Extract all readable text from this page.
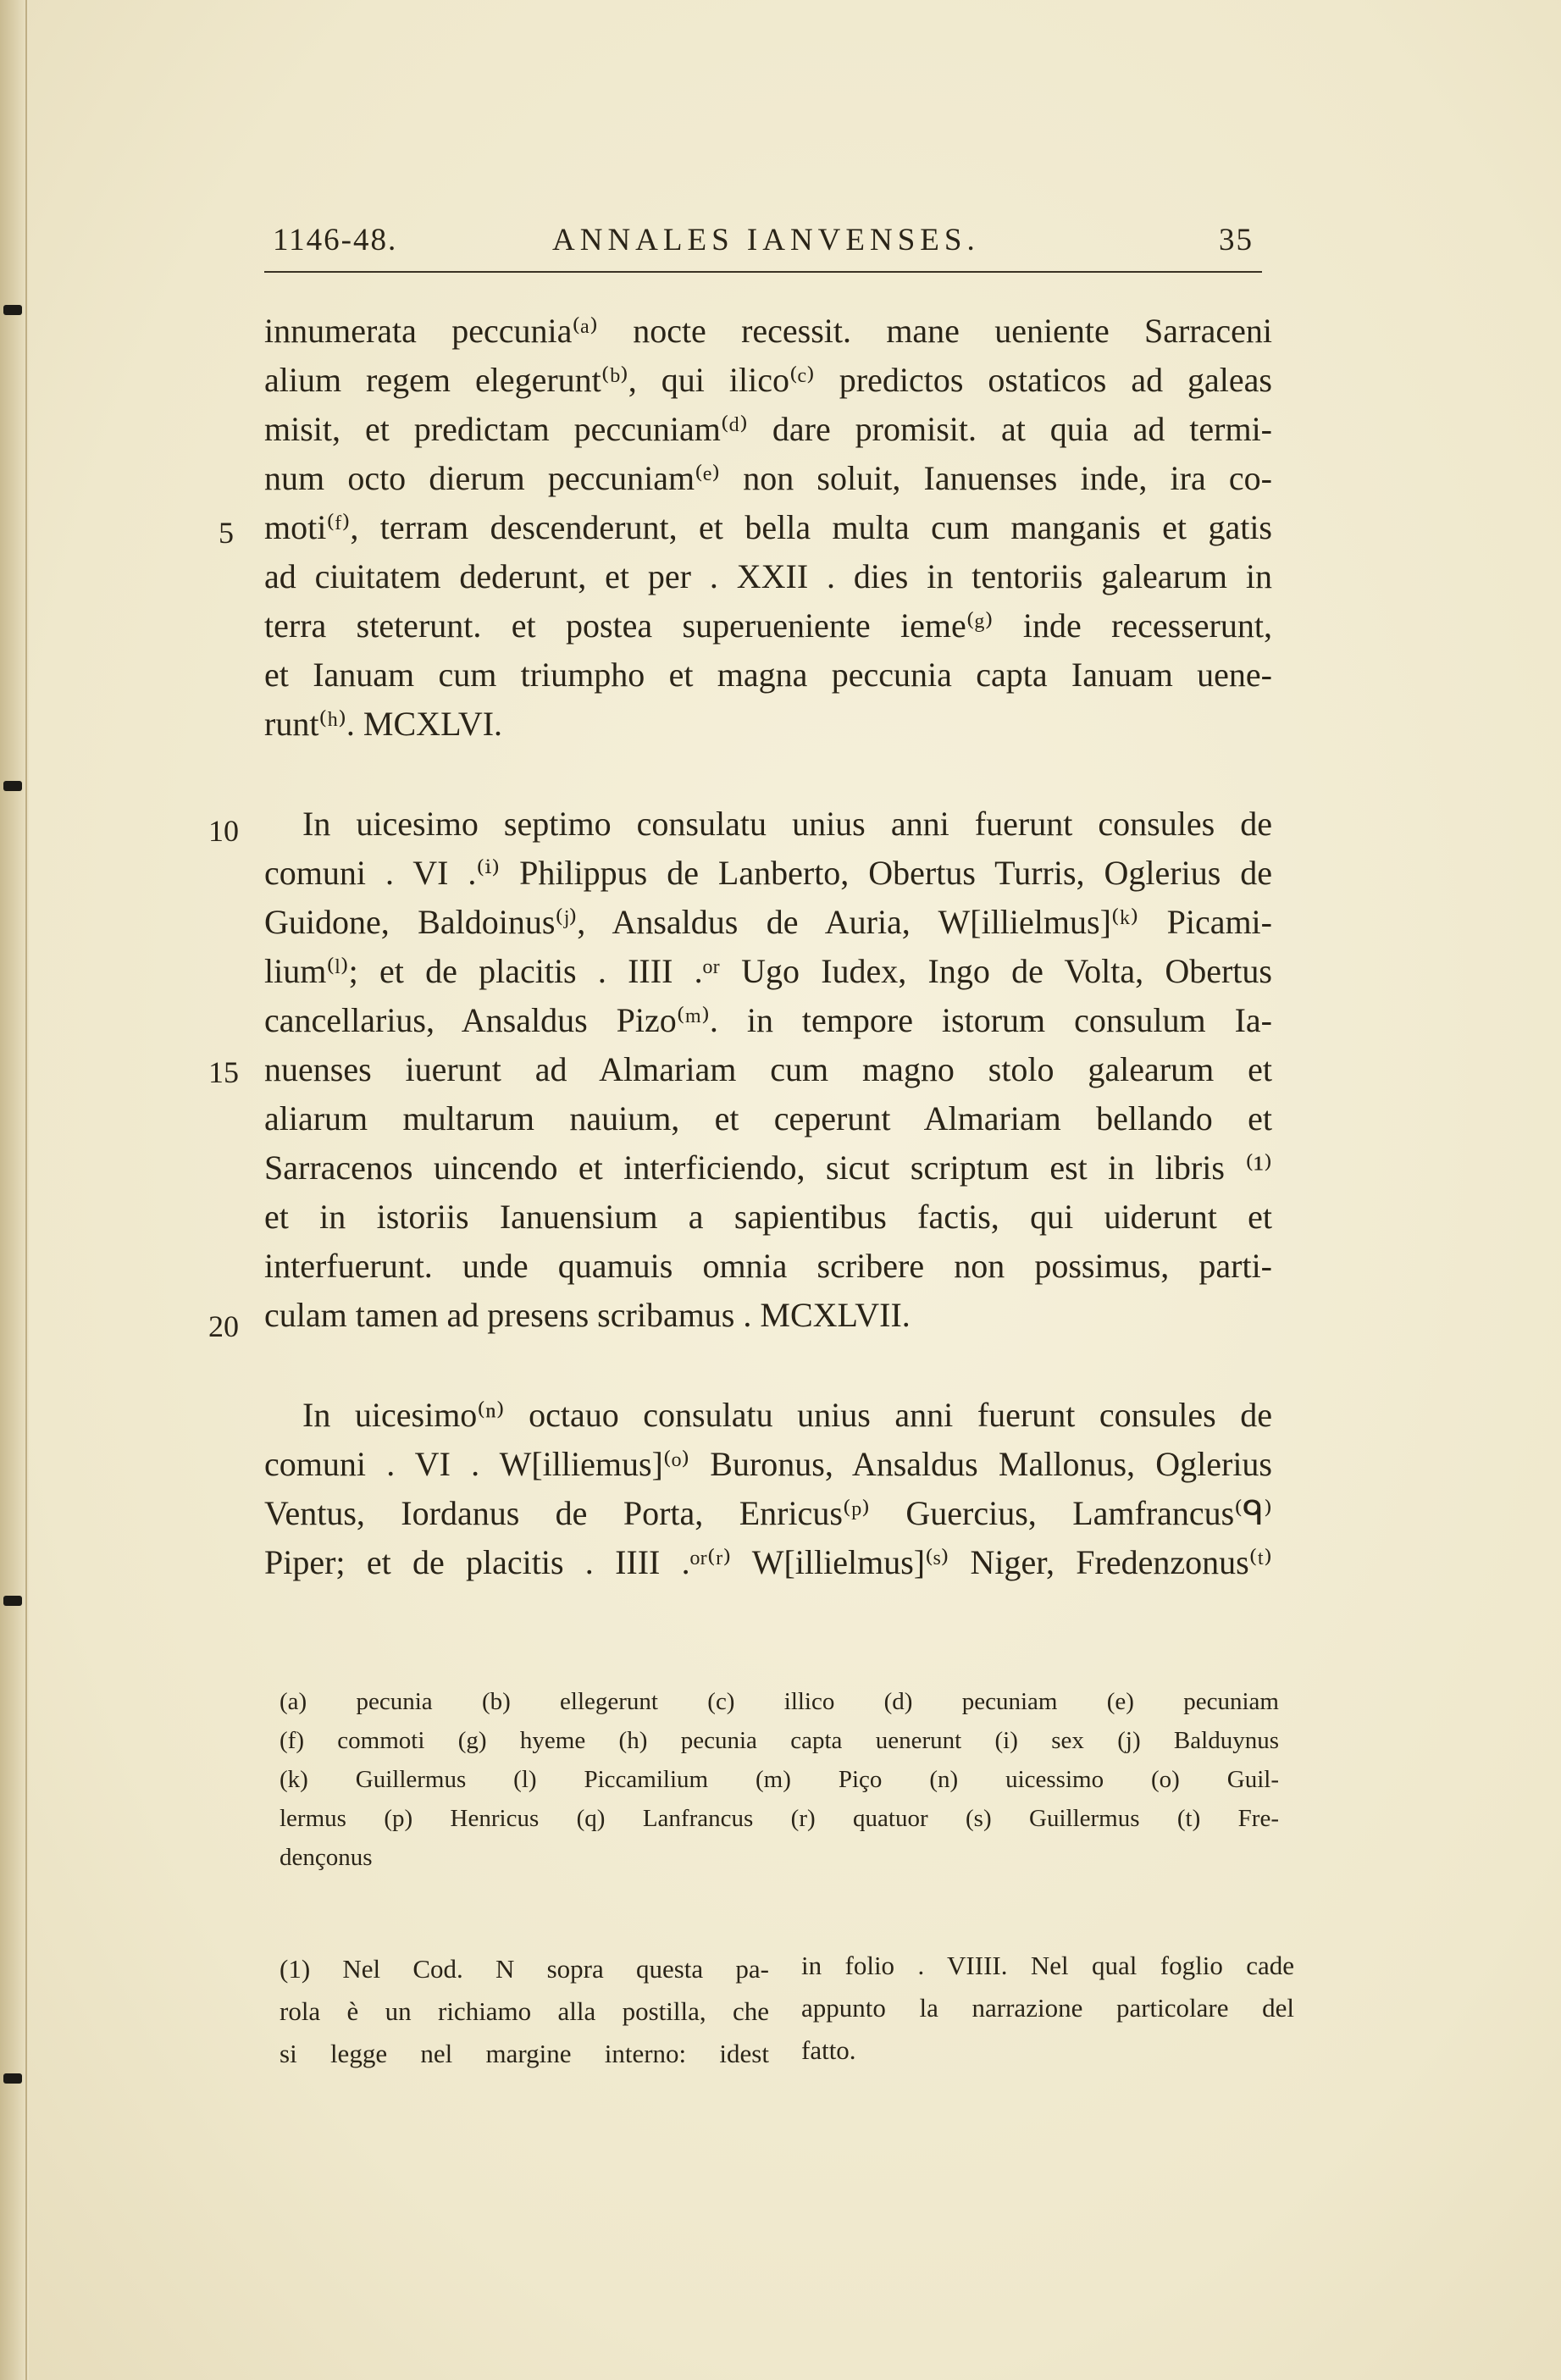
1146-48.	ANNALES IANVENSES.	35
5
10
15
20
innumerata peccunia⁽ᵃ⁾ nocte recessit. mane ueniente Sarraceni
alium regem elegerunt⁽ᵇ⁾, qui ilico⁽ᶜ⁾ predictos ostaticos ad galeas
misit, et predictam peccuniam⁽ᵈ⁾ dare promisit. at quia ad termi-
num octo dierum peccuniam⁽ᵉ⁾ non soluit, Ianuenses inde, ira co-
moti⁽ᶠ⁾, terram descenderunt, et bella multa cum manganis et gatis
ad ciuitatem dederunt, et per . XXII . dies in tentoriis galearum in
terra steterunt. et postea superueniente ieme⁽ᵍ⁾ inde recesserunt,
et Ianuam cum triumpho et magna peccunia capta Ianuam uene-
runt⁽ʰ⁾. MCXLVI.
In uicesimo septimo consulatu unius anni fuerunt consules de
comuni . VI .⁽ⁱ⁾ Philippus de Lanberto, Obertus Turris, Oglerius de
Guidone, Baldoinus⁽ʲ⁾, Ansaldus de Auria, W[illielmus]⁽ᵏ⁾ Picami-
lium⁽ˡ⁾; et de placitis . IIII .ᵒʳ Ugo Iudex, Ingo de Volta, Obertus
cancellarius, Ansaldus Pizo⁽ᵐ⁾. in tempore istorum consulum Ia-
nuenses iuerunt ad Almariam cum magno stolo galearum et
aliarum multarum nauium, et ceperunt Almariam bellando et
Sarracenos uincendo et interficiendo, sicut scriptum est in libris ⁽¹⁾
et in istoriis Ianuensium a sapientibus factis, qui uiderunt et
interfuerunt. unde quamuis omnia scribere non possimus, parti-
culam tamen ad presens scribamus . MCXLVII.
In uicesimo⁽ⁿ⁾ octauo consulatu unius anni fuerunt consules de
comuni . VI . W[illiemus]⁽ᵒ⁾ Buronus, Ansaldus Mallonus, Oglerius
Ventus, Iordanus de Porta, Enricus⁽ᵖ⁾ Guercius, Lamfrancus⁽ᑫ⁾
Piper; et de placitis . IIII .ᵒʳ⁽ʳ⁾ W[illielmus]⁽ˢ⁾ Niger, Fredenzonus⁽ᵗ⁾
(a) pecunia (b) ellegerunt (c) illico (d) pecuniam (e) pecuniam
(f) commoti (g) hyeme (h) pecunia capta uenerunt (i) sex (j) Balduynus
(k) Guillermus (l) Piccamilium (m) Piço (n) uicessimo (o) Guil-
lermus (p) Henricus (q) Lanfrancus (r) quatuor (s) Guillermus (t) Fre-
dençonus
(1) Nel Cod. N sopra questa pa-
rola è un richiamo alla postilla, che
si legge nel margine interno: idest
in folio . VIIII. Nel qual foglio cade
appunto la narrazione particolare del
fatto.
